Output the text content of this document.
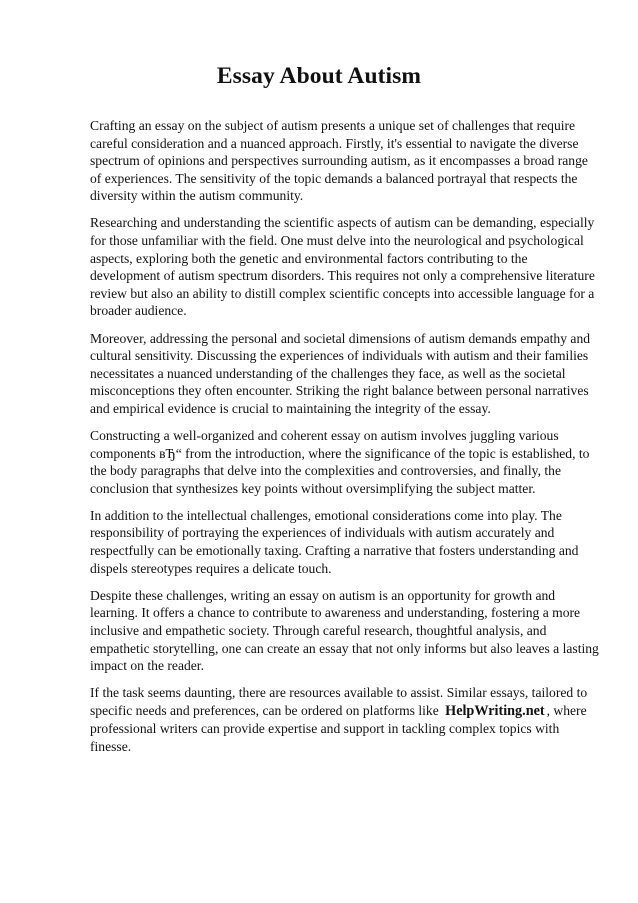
Essay About Autism

Crafting an essay on the subject of autism presents a unique set of challenges that require careful consideration and a nuanced approach. Firstly, it's essential to navigate the diverse spectrum of opinions and perspectives surrounding autism, as it encompasses a broad range of experiences. The sensitivity of the topic demands a balanced portrayal that respects the diversity within the autism community.

Researching and understanding the scientific aspects of autism can be demanding, especially for those unfamiliar with the field. One must delve into the neurological and psychological aspects, exploring both the genetic and environmental factors contributing to the development of autism spectrum disorders. This requires not only a comprehensive literature review but also an ability to distill complex scientific concepts into accessible language for a broader audience.

Moreover, addressing the personal and societal dimensions of autism demands empathy and cultural sensitivity. Discussing the experiences of individuals with autism and their families necessitates a nuanced understanding of the challenges they face, as well as the societal misconceptions they often encounter. Striking the right balance between personal narratives and empirical evidence is crucial to maintaining the integrity of the essay.

Constructing a well-organized and coherent essay on autism involves juggling various components вЂ“ from the introduction, where the significance of the topic is established, to the body paragraphs that delve into the complexities and controversies, and finally, the conclusion that synthesizes key points without oversimplifying the subject matter.

In addition to the intellectual challenges, emotional considerations come into play. The responsibility of portraying the experiences of individuals with autism accurately and respectfully can be emotionally taxing. Crafting a narrative that fosters understanding and dispels stereotypes requires a delicate touch.

Despite these challenges, writing an essay on autism is an opportunity for growth and learning. It offers a chance to contribute to awareness and understanding, fostering a more inclusive and empathetic society. Through careful research, thoughtful analysis, and empathetic storytelling, one can create an essay that not only informs but also leaves a lasting impact on the reader.

If the task seems daunting, there are resources available to assist. Similar essays, tailored to specific needs and preferences, can be ordered on platforms like HelpWriting.net , where professional writers can provide expertise and support in tackling complex topics with finesse.
